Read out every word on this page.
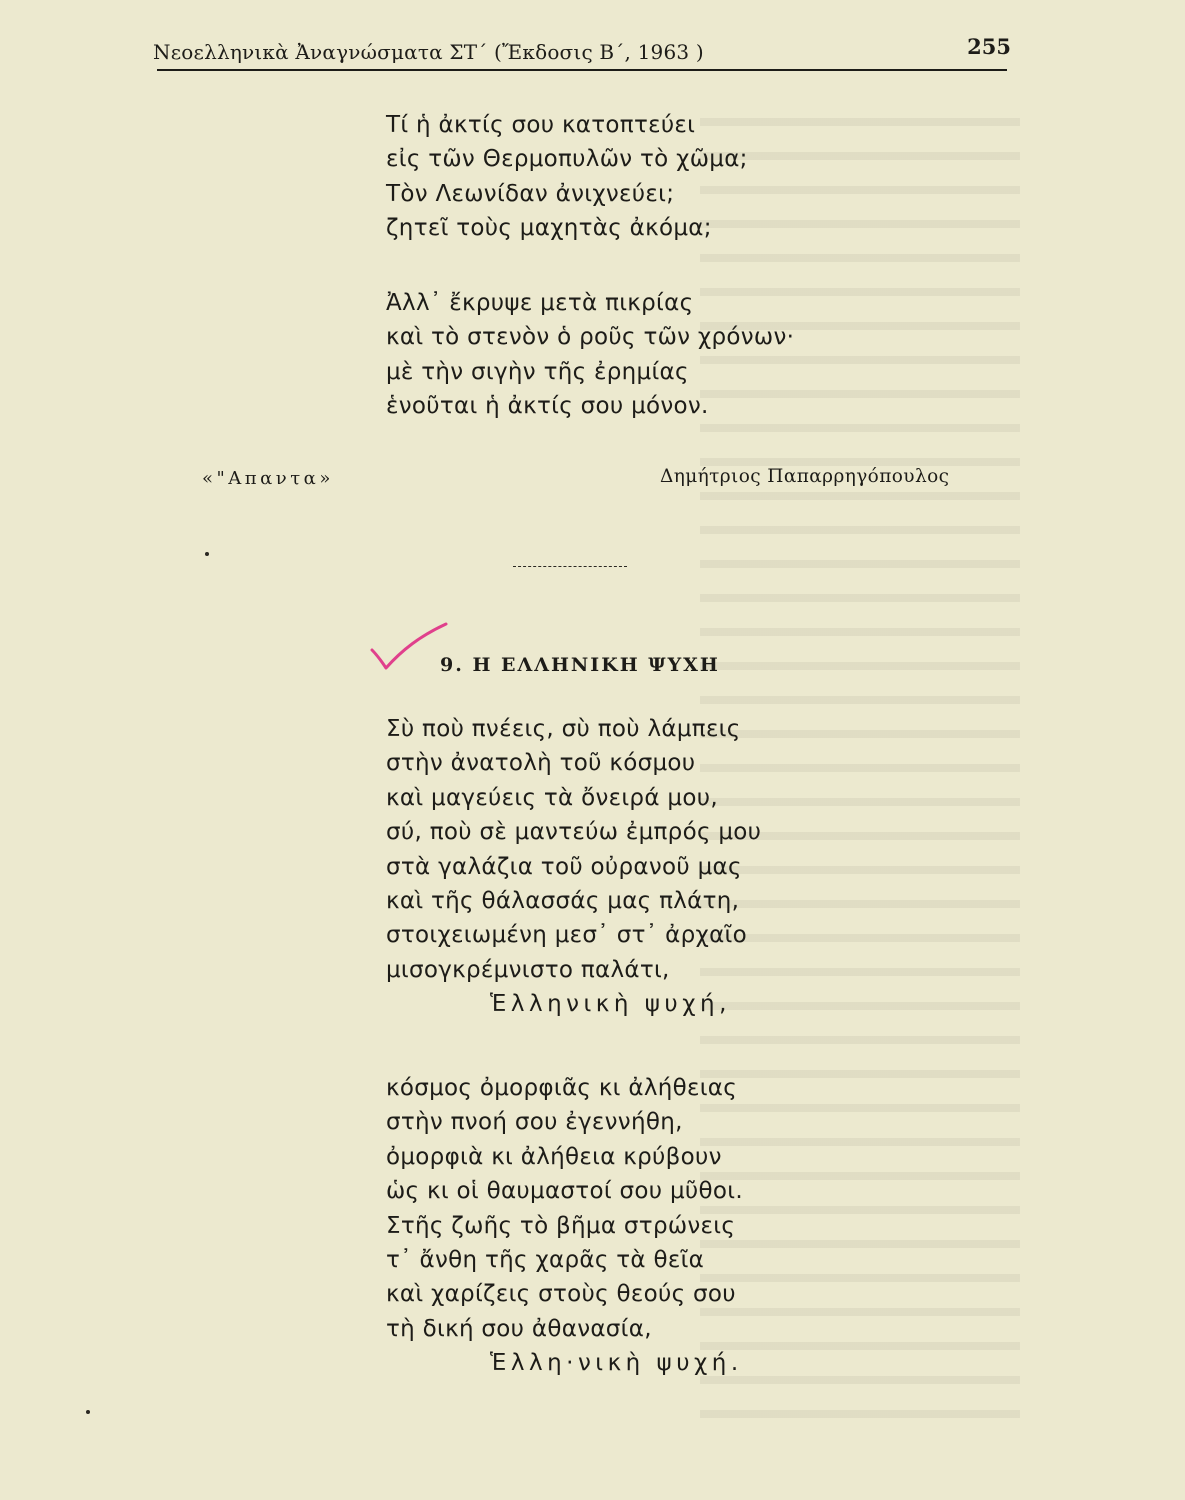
Νεοελληνικὰ Ἀναγνώσματα ΣΤ΄ (Ἔκδοσις Β΄, 1963 )	255
Τί ἡ ἀκτίς σου κατοπτεύει
εἰς τῶν Θερμοπυλῶν τὸ χῶμα;
Τὸν Λεωνίδαν ἀνιχνεύει;
ζητεῖ τοὺς μαχητὰς ἀκόμα;
Ἀλλ᾽ ἔκρυψε μετὰ πικρίας
καὶ τὸ στενὸν ὁ ροῦς τῶν χρόνων·
μὲ τὴν σιγὴν τῆς ἐρημίας
ἑνοῦται ἡ ἀκτίς σου μόνον.
«"Απαντα»	Δημήτριος Παπαρρηγόπουλος
9. Η ΕΛΛΗΝΙΚΗ ΨΥΧΗ
Σὺ ποὺ πνέεις, σὺ ποὺ λάμπεις
στὴν ἀνατολὴ τοῦ κόσμου
καὶ μαγεύεις τὰ ὄνειρά μου,
σύ, ποὺ σὲ μαντεύω ἐμπρός μου
στὰ γαλάζια τοῦ οὐρανοῦ μας
καὶ τῆς θάλασσάς μας πλάτη,
στοιχειωμένη μεσ᾽ στ᾽ ἀρχαῖο
μισογκρέμνιστο παλάτι,
Ἑλληνικὴ ψυχή,
κόσμος ὀμορφιᾶς κι ἀλήθειας
στὴν πνοή σου ἐγεννήθη,
ὀμορφιὰ κι ἀλήθεια κρύβουν
ὡς κι οἱ θαυμαστοί σου μῦθοι.
Στῆς ζωῆς τὸ βῆμα στρώνεις
τ᾽ ἄνθη τῆς χαρᾶς τὰ θεῖα
καὶ χαρίζεις στοὺς θεούς σου
τὴ δική σου ἀθανασία,
Ἑλλη·νικὴ ψυχή.
